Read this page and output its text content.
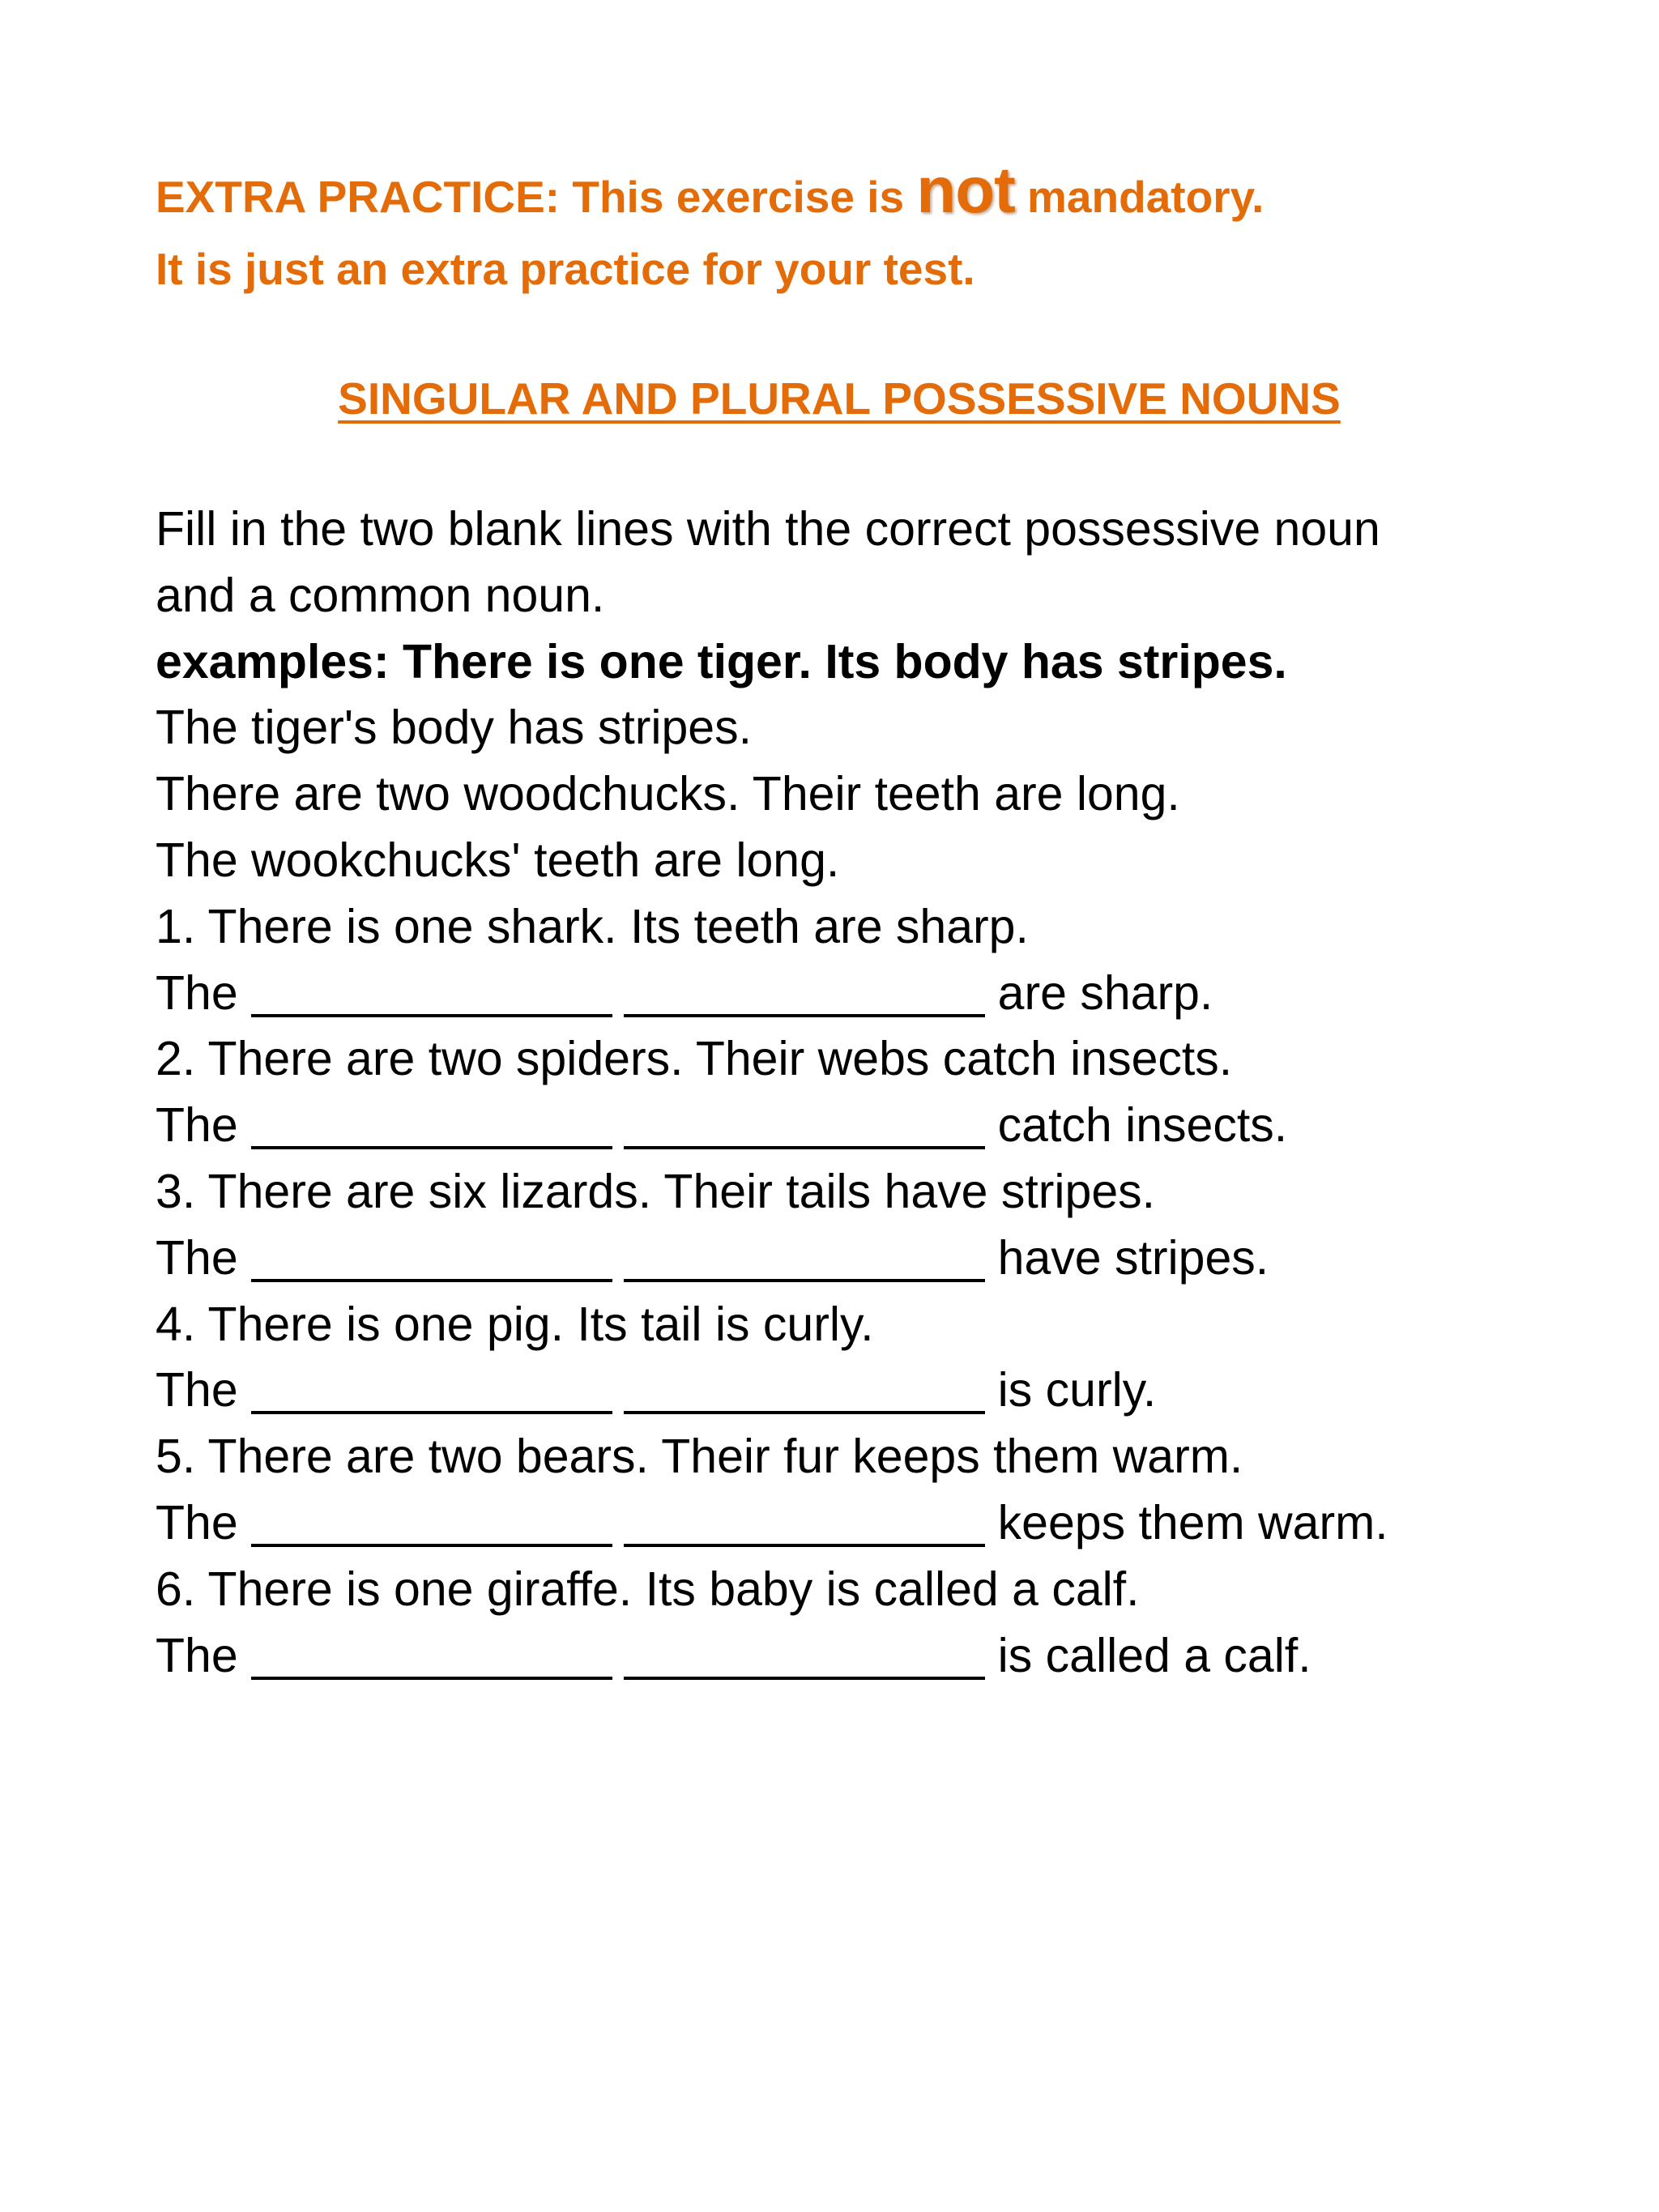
EXTRA PRACTICE: This exercise is not mandatory.
It is just an extra practice for your test.
SINGULAR AND PLURAL POSSESSIVE NOUNS
Fill in the two blank lines with the correct possessive noun
and a common noun.
examples: There is one tiger. Its body has stripes.
The tiger's body has stripes.
There are two woodchucks. Their teeth are long.
The wookchucks' teeth are long.
1. There is one shark. Its teeth are sharp.
The	are sharp.
2. There are two spiders. Their webs catch insects.
The	catch insects.
3. There are six lizards. Their tails have stripes.
The	have stripes.
4. There is one pig. Its tail is curly.
The	is curly.
5. There are two bears. Their fur keeps them warm.
The	keeps them warm.
6. There is one giraffe. Its baby is called a calf.
The	is called a calf.
